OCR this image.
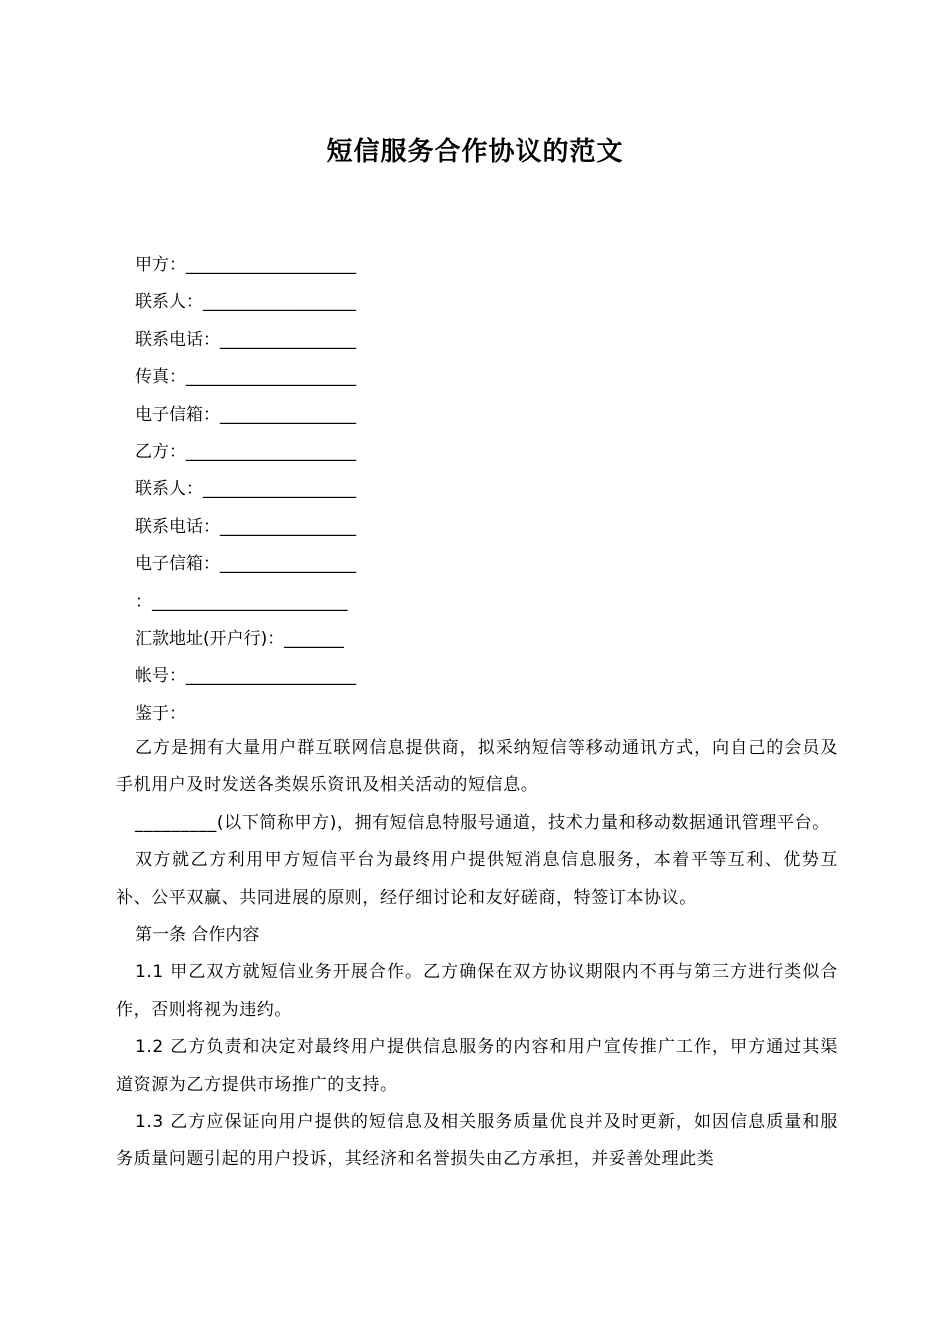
短信服务合作协议的范文
甲方：____________________
联系人：__________________
联系电话：________________
传真：____________________
电子信箱：________________
乙方：____________________
联系人：__________________
联系电话：________________
电子信箱：________________
：_______________________
汇款地址(开户行)：_______
帐号：____________________
鉴于：

乙方是拥有大量用户群互联网信息提供商，拟采纳短信等移动通讯方式，向自己的会员及手机用户及时发送各类娱乐资讯及相关活动的短信息。

_________(以下简称甲方)，拥有短信息特服号通道，技术力量和移动数据通讯管理平台。

双方就乙方利用甲方短信平台为最终用户提供短消息信息服务，本着平等互利、优势互补、公平双赢、共同进展的原则，经仔细讨论和友好磋商，特签订本协议。

第一条 合作内容

1.1 甲乙双方就短信业务开展合作。乙方确保在双方协议期限内不再与第三方进行类似合作，否则将视为违约。

1.2 乙方负责和决定对最终用户提供信息服务的内容和用户宣传推广工作，甲方通过其渠道资源为乙方提供市场推广的支持。

1.3 乙方应保证向用户提供的短信息及相关服务质量优良并及时更新，如因信息质量和服务质量问题引起的用户投诉，其经济和名誉损失由乙方承担，并妥善处理此类
